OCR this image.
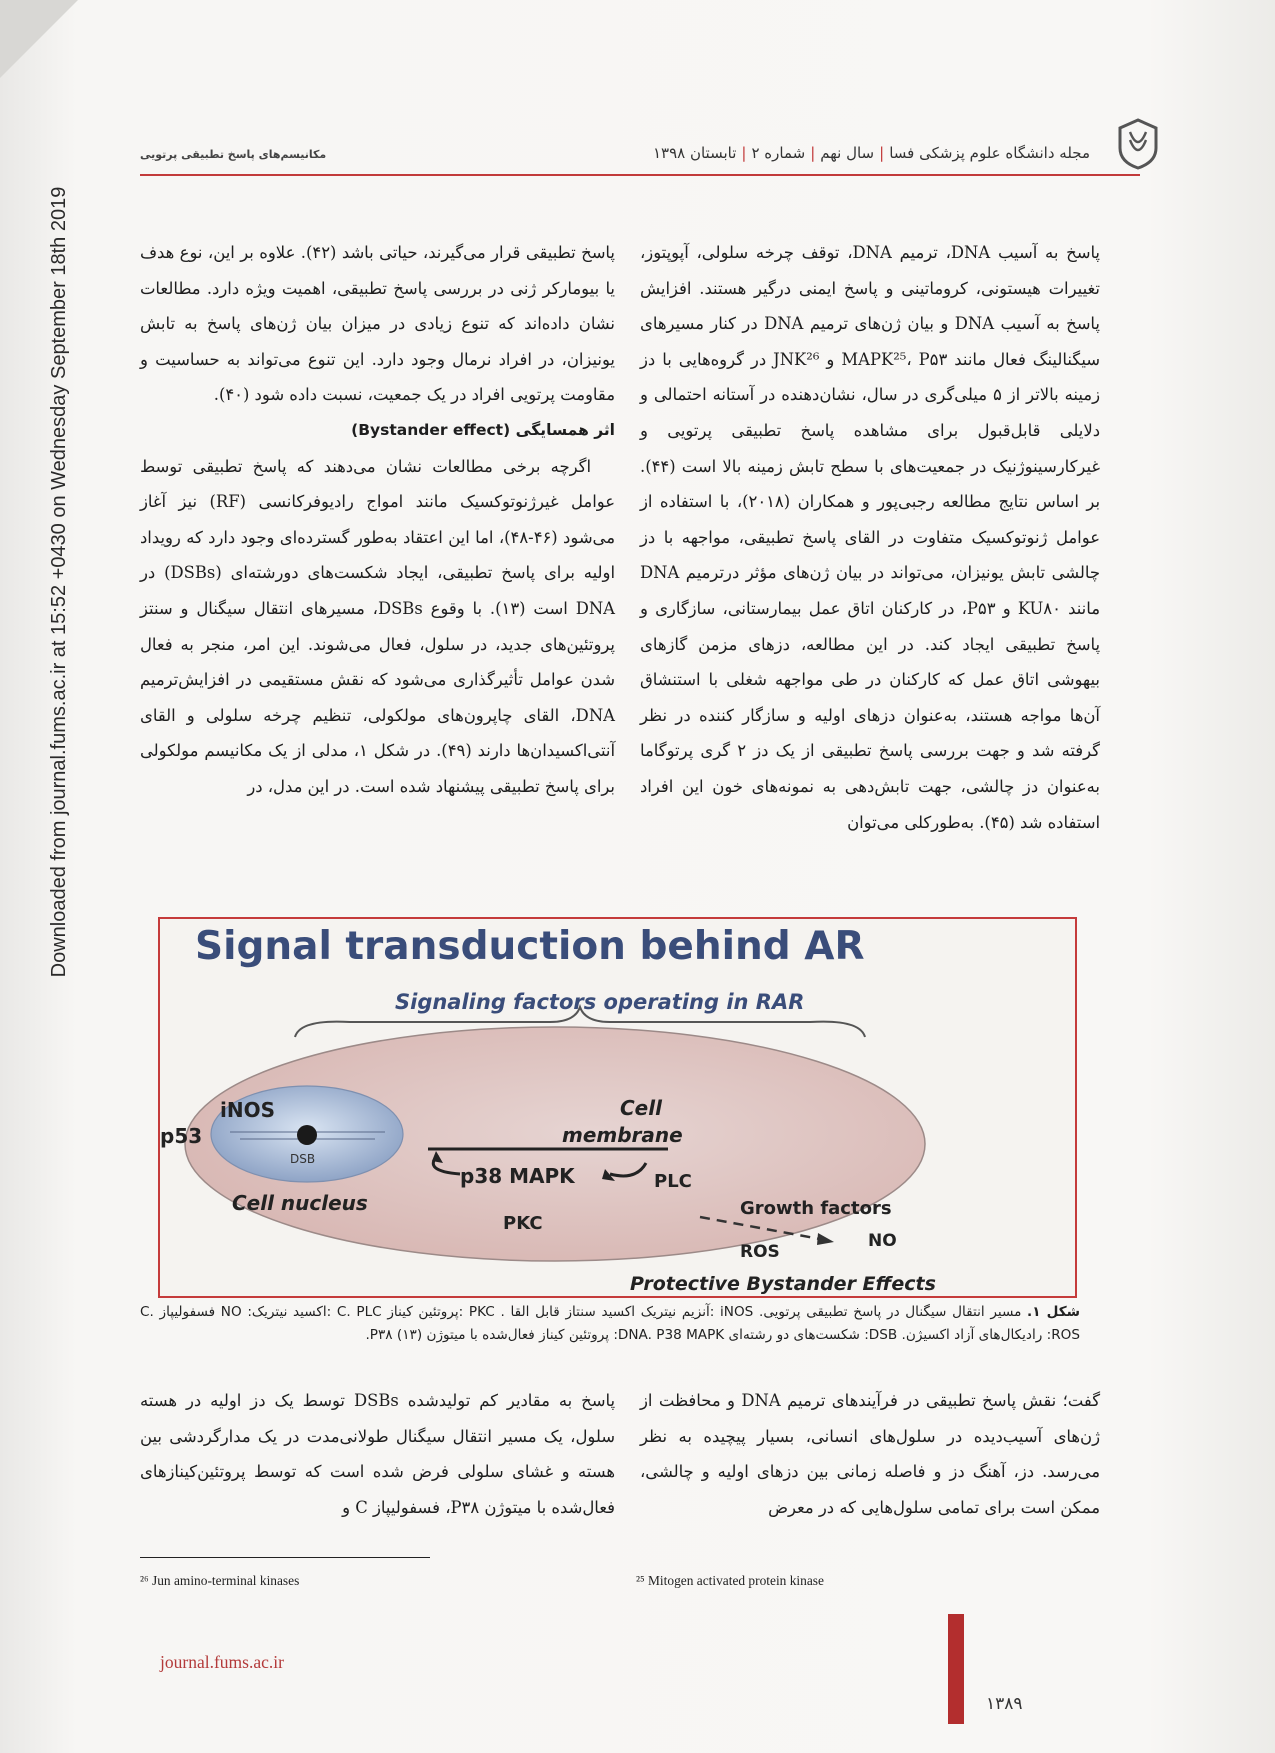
Downloaded from journal.fums.ac.ir at 15:52 +0430 on Wednesday September 18th 2019
مجله دانشگاه علوم پزشکی فسا|سال نهم|شماره ۲|تابستان ۱۳۹۸
مکانیسم‌های پاسخ تطبیقی پرتویی

پاسخ به آسیب DNA، ترمیم DNA، توقف چرخه سلولی، آپوپتوز، تغییرات هیستونی، کروماتینی و پاسخ ایمنی درگیر هستند. افزایش پاسخ به آسیب DNA و بیان ژن‌های ترمیم DNA در کنار مسیرهای سیگنالینگ فعال مانند MAPK²⁵، P۵۳ و JNK²⁶ در گروه‌هایی با دز زمینه بالاتر از ۵ میلی‌گری در سال، نشان‌دهنده در آستانه احتمالی و دلایلی قابل‌قبول برای مشاهده پاسخ تطبیقی پرتویی و غیرکارسینوژنیک در جمعیت‌های با سطح تابش زمینه بالا است (۴۴). بر اساس نتایج مطالعه رجبی‌پور و همکاران (۲۰۱۸)، با استفاده از عوامل ژنوتوکسیک متفاوت در القای پاسخ تطبیقی، مواجهه با دز چالشی تابش یونیزان، می‌تواند در بیان ژن‌های مؤثر درترمیم DNA مانند KU۸۰ و P۵۳، در کارکنان اتاق عمل بیمارستانی، سازگاری و پاسخ تطبیقی ایجاد کند. در این مطالعه، دزهای مزمن گازهای بیهوشی اتاق عمل که کارکنان در طی مواجهه شغلی با استنشاق آن‌ها مواجه هستند، به‌عنوان دزهای اولیه و سازگار کننده در نظر گرفته شد و جهت بررسی پاسخ تطبیقی از یک دز ۲ گری پرتوگاما به‌عنوان دز چالشی، جهت تابش‌دهی به نمونه‌های خون این افراد استفاده شد (۴۵). به‌طورکلی می‌توان

پاسخ تطبیقی قرار می‌گیرند، حیاتی باشد (۴۲). علاوه بر این، نوع هدف یا بیومارکر ژنی در بررسی پاسخ تطبیقی، اهمیت ویژه دارد. مطالعات نشان داده‌اند که تنوع زیادی در میزان بیان ژن‌های پاسخ به تابش یونیزان، در افراد نرمال وجود دارد. این تنوع می‌تواند به حساسیت و مقاومت پرتویی افراد در یک جمعیت، نسبت داده شود (۴۰).

اثر همسایگی (Bystander effect)

اگرچه برخی مطالعات نشان می‌دهند که پاسخ تطبیقی توسط عوامل غیرژنوتوکسیک مانند امواج رادیوفرکانسی (RF) نیز آغاز می‌شود (۴۶-۴۸)، اما این اعتقاد به‌طور گسترده‌ای وجود دارد که رویداد اولیه برای پاسخ تطبیقی، ایجاد شکست‌های دورشته‌ای (DSBs) در DNA است (۱۳). با وقوع DSBs، مسیرهای انتقال سیگنال و سنتز پروتئین‌های جدید، در سلول، فعال می‌شوند. این امر، منجر به فعال شدن عوامل تأثیرگذاری می‌شود که نقش مستقیمی در افزایش‌ترمیم DNA، القای چاپرون‌های مولکولی، تنظیم چرخه سلولی و القای آنتی‌اکسیدان‌ها دارند (۴۹). در شکل ۱، مدلی از یک مکانیسم مولکولی برای پاسخ تطبیقی پیشنهاد شده است. در این مدل، در

Signal transduction behind AR
Signaling factors operating in RAR
DSB
iNOS
p53
Cell nucleus
Cell
membrane
p38 MAPK	PLC
PKC
Growth factors
ROS
NO
Protective Bystander Effects
شکل ۱. مسیر انتقال سیگنال در پاسخ تطبیقی پرتویی. iNOS :آنزیم نیتریک اکسید سنتاز قابل القا . PKC :پروتئین کیناز C. PLC :اکسید نیتریک: NO فسفولیپاز C. ROS: رادیکال‌های آزاد اکسیژن. DSB: شکست‌های دو رشته‌ای DNA. P38 MAPK: پروتئین کیناز فعال‌شده با میتوژن P۳۸ (۱۳).

گفت؛ نقش پاسخ تطبیقی در فرآیندهای ترمیم DNA و محافظت از ژن‌های آسیب‌دیده در سلول‌های انسانی، بسیار پیچیده به نظر می‌رسد. دز، آهنگ دز و فاصله زمانی بین دزهای اولیه و چالشی، ممکن است برای تمامی سلول‌هایی که در معرض

پاسخ به مقادیر کم تولیدشده DSBs توسط یک دز اولیه در هسته سلول، یک مسیر انتقال سیگنال طولانی‌مدت در یک مدارگردشی بین هسته و غشای سلولی فرض شده است که توسط پروتئین‌کینازهای فعال‌شده با میتوژن P۳۸، فسفولیپاز C و

²⁶ Jun amino-terminal kinases	²⁵ Mitogen activated protein kinase
journal.fums.ac.ir
۱۳۸۹
